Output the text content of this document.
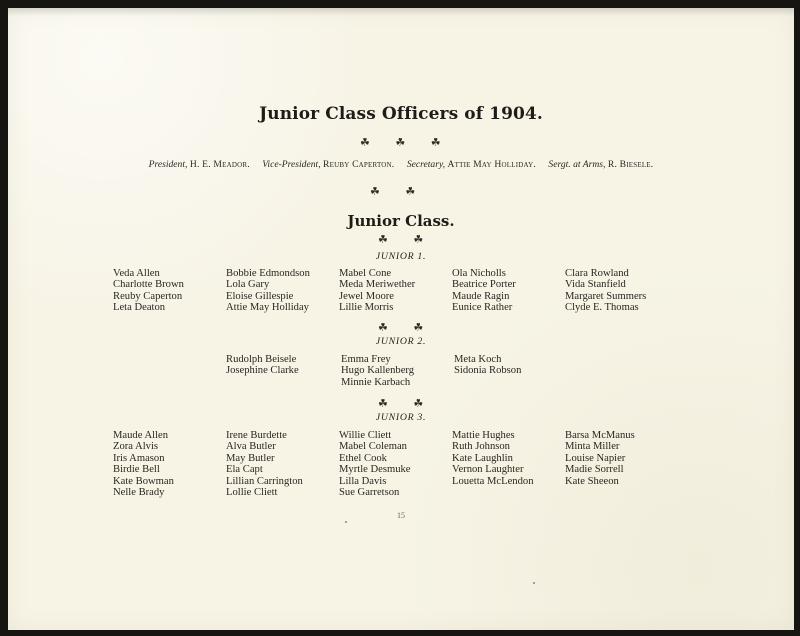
Junior Class Officers of 1904.
☘ ☘ ☘
President, H. E. Meador. Vice-President, Reuby Caperton. Secretary, Attie May Holliday. Sergt. at Arms, R. Biesele.
☘ ☘
Junior Class.
☘ ☘
JUNIOR 1.
Veda Allen
Charlotte Brown
Reuby Caperton
Leta Deaton
Bobbie Edmondson
Lola Gary
Eloise Gillespie
Attie May Holliday
Mabel Cone
Meda Meriwether
Jewel Moore
Lillie Morris
Ola Nicholls
Beatrice Porter
Maude Ragin
Eunice Rather
Clara Rowland
Vida Stanfield
Margaret Summers
Clyde E. Thomas
☘ ☘
JUNIOR 2.
Rudolph Beisele
Josephine Clarke
Emma Frey
Hugo Kallenberg
Minnie Karbach
Meta Koch
Sidonia Robson
☘ ☘
JUNIOR 3.
Maude Allen
Zora Alvis
Iris Amason
Birdie Bell
Kate Bowman
Nelle Brady
Irene Burdette
Alva Butler
May Butler
Ela Capt
Lillian Carrington
Lollie Cliett
Willie Cliett
Mabel Coleman
Ethel Cook
Myrtle Desmuke
Lilla Davis
Sue Garretson
Mattie Hughes
Ruth Johnson
Kate Laughlin
Vernon Laughter
Louetta McLendon
Barsa McManus
Minta Miller
Louise Napier
Madie Sorrell
Kate Sheeon
15
